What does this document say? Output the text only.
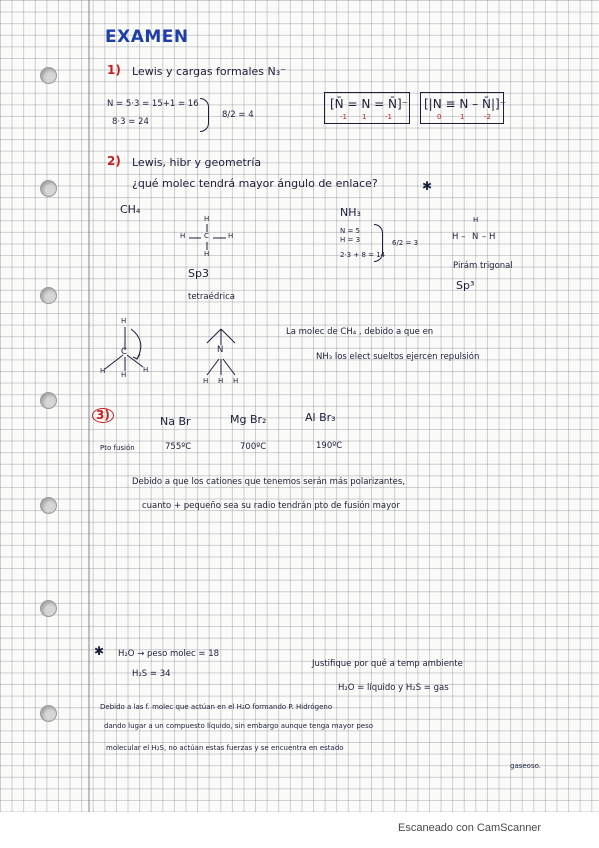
EXAMEN
1) Lewis y cargas formales N₃⁻
N = 5·3 = 15+1 = 16
8·3 = 24
8/2 = 4
[N̄ = N = N̄]⁻
-1 1	-1
[|N ≡ N – N̄|]⁻
0	1	-2
2) Lewis, hibr y geometría
¿qué molec tendrá mayor ángulo de enlace?	✱
CH₄
H
H	C	H
H
Sp3
tetraédrica
NH₃
N = 5
H = 3
2·3 + 8 = 14
6/2 = 3
H
H – N – H
Pirám trigonal
Sp³
H
C
H H
H
N
H H H
La molec de CH₄ , debido a que en
NH₃ los elect sueltos ejercen repulsión
3)	Na Br	Mg Br₂	Al Br₃
Pto fusión	755ºC	700ºC	190ºC
Debido a que los cationes que tenemos serán más polarizantes,
cuanto + pequeño sea su radio tendrán pto de fusión mayor
✱ H₂O → peso molec = 18
H₂S = 34
Justifique por qué a temp ambiente
H₂O = líquido y H₂S = gas
Debido a las f. molec que actúan en el H₂O formando P. Hidrógeno
dando lugar a un compuesto líquido, sin embargo aunque tenga mayor peso
molecular el H₂S, no actúan estas fuerzas y se encuentra en estado
gaseoso.
Escaneado con CamScanner
